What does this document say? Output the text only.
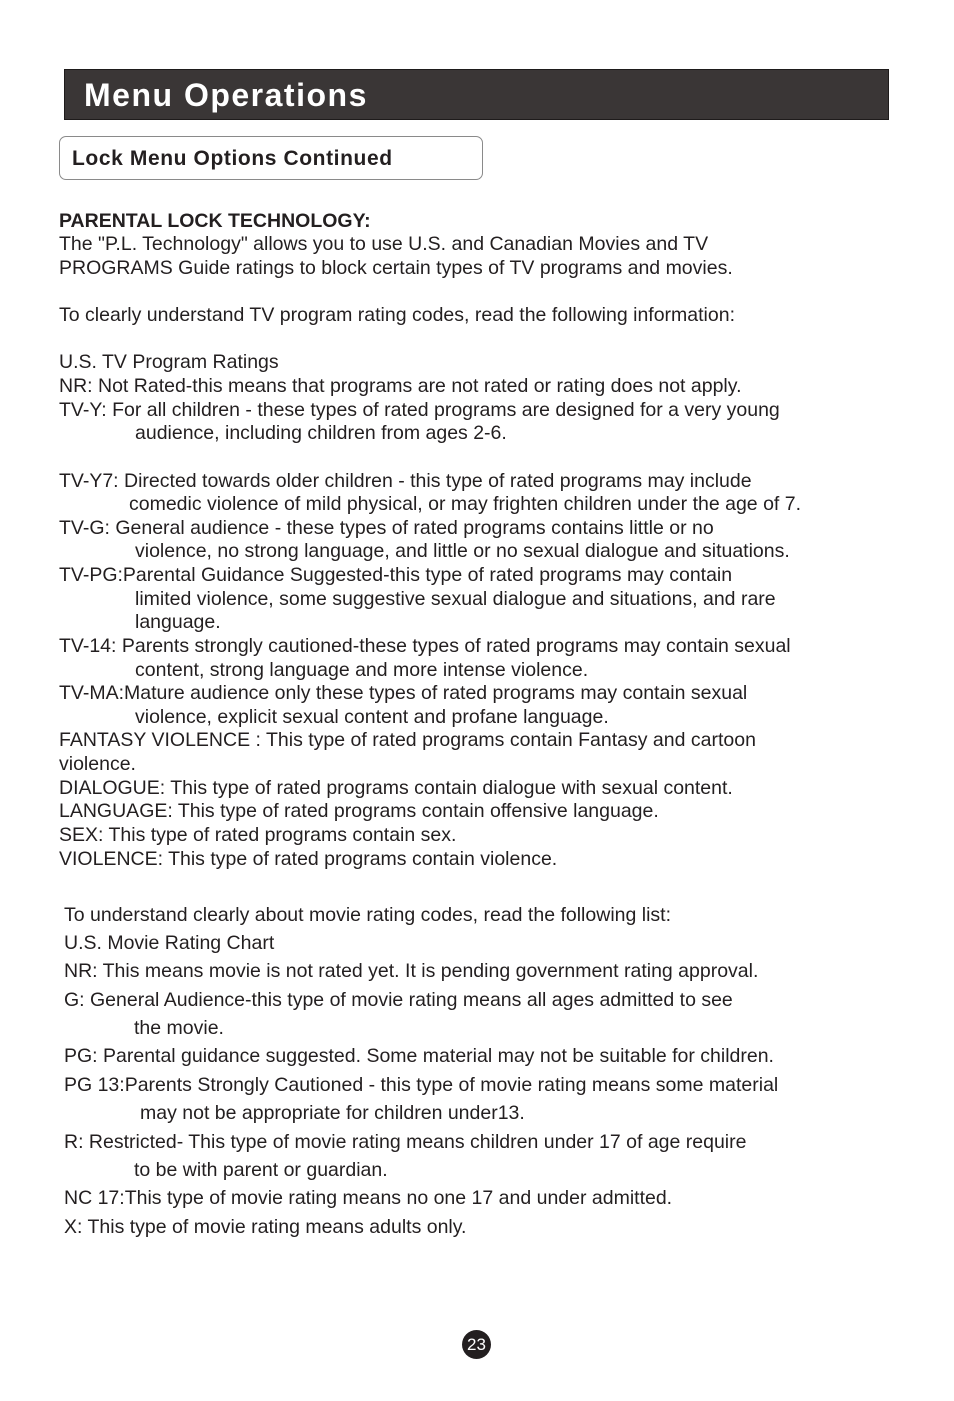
Menu Operations
Lock Menu Options Continued

PARENTAL LOCK TECHNOLOGY:

The "P.L. Technology" allows you to use U.S. and Canadian Movies and TV

PROGRAMS Guide ratings to block certain types of TV programs and movies.

To clearly understand TV program rating codes, read the following information:

U.S. TV Program Ratings

NR: Not Rated-this means that programs are not rated or rating does not apply.

TV-Y: For all children - these types of rated programs are designed for a very young

audience, including children from ages 2-6.

TV-Y7: Directed towards older children - this type of rated programs may include

comedic violence of mild physical, or may frighten children under the age of 7.

TV-G: General audience - these types of rated programs contains little or no

violence, no strong language, and little or no sexual dialogue and situations.

TV-PG:Parental Guidance Suggested-this type of rated programs may contain

limited violence, some suggestive sexual dialogue and situations, and rare

language.

TV-14: Parents strongly cautioned-these types of rated programs may contain sexual

content, strong language and more intense violence.

TV-MA:Mature audience only these types of rated programs may contain sexual

violence, explicit sexual content and profane language.

FANTASY VIOLENCE : This type of rated programs contain Fantasy and cartoon

violence.

DIALOGUE: This type of rated programs contain dialogue with sexual content.

LANGUAGE: This type of rated programs contain offensive language.

SEX: This type of rated programs contain sex.

VIOLENCE: This type of rated programs contain violence.

To understand clearly about movie rating codes, read the following list:

U.S. Movie Rating Chart

NR: This means movie is not rated yet. It is pending government rating approval.

G: General Audience-this type of movie rating means all ages admitted to see

the movie.

PG: Parental guidance suggested. Some material may not be suitable for children.

PG 13:Parents Strongly Cautioned - this type of movie rating means some material

may not be appropriate for children under13.

R: Restricted- This type of movie rating means children under 17 of age require

to be with parent or guardian.

NC 17:This type of movie rating means no one 17 and under admitted.

X: This type of movie rating means adults only.

23
